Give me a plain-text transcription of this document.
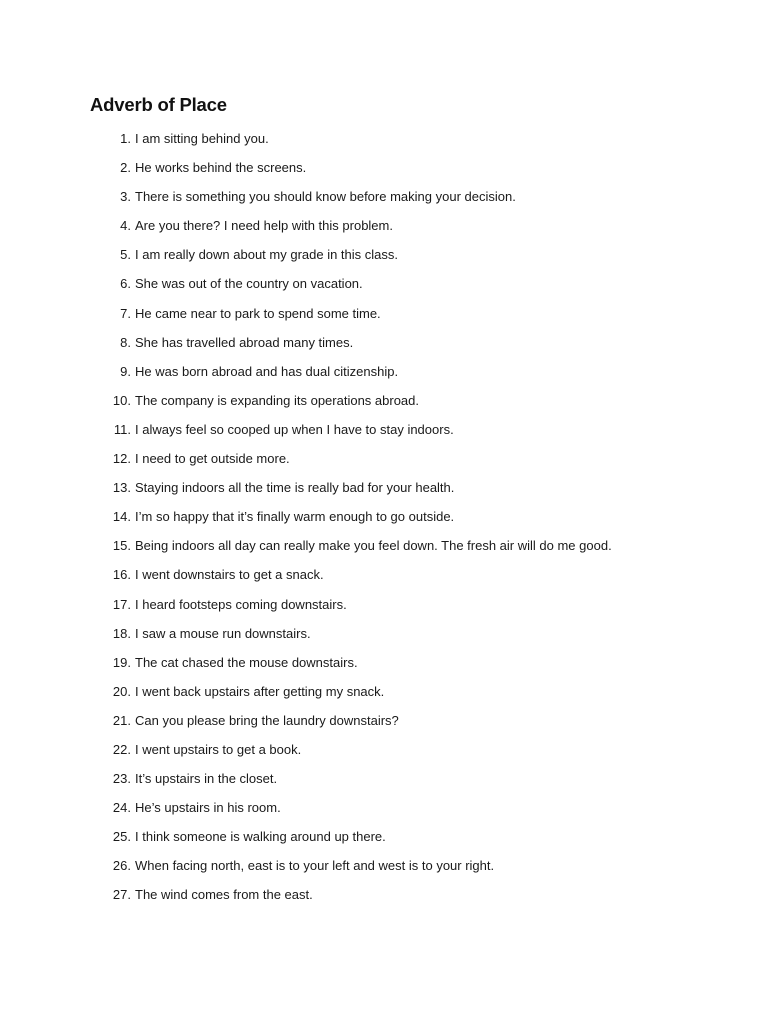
Adverb of Place
1. I am sitting behind you.
2. He works behind the screens.
3. There is something you should know before making your decision.
4. Are you there? I need help with this problem.
5. I am really down about my grade in this class.
6. She was out of the country on vacation.
7. He came near to park to spend some time.
8. She has travelled abroad many times.
9. He was born abroad and has dual citizenship.
10. The company is expanding its operations abroad.
11. I always feel so cooped up when I have to stay indoors.
12. I need to get outside more.
13. Staying indoors all the time is really bad for your health.
14. I’m so happy that it’s finally warm enough to go outside.
15. Being indoors all day can really make you feel down. The fresh air will do me good.
16. I went downstairs to get a snack.
17. I heard footsteps coming downstairs.
18. I saw a mouse run downstairs.
19. The cat chased the mouse downstairs.
20. I went back upstairs after getting my snack.
21. Can you please bring the laundry downstairs?
22. I went upstairs to get a book.
23. It’s upstairs in the closet.
24. He’s upstairs in his room.
25. I think someone is walking around up there.
26. When facing north, east is to your left and west is to your right.
27. The wind comes from the east.
